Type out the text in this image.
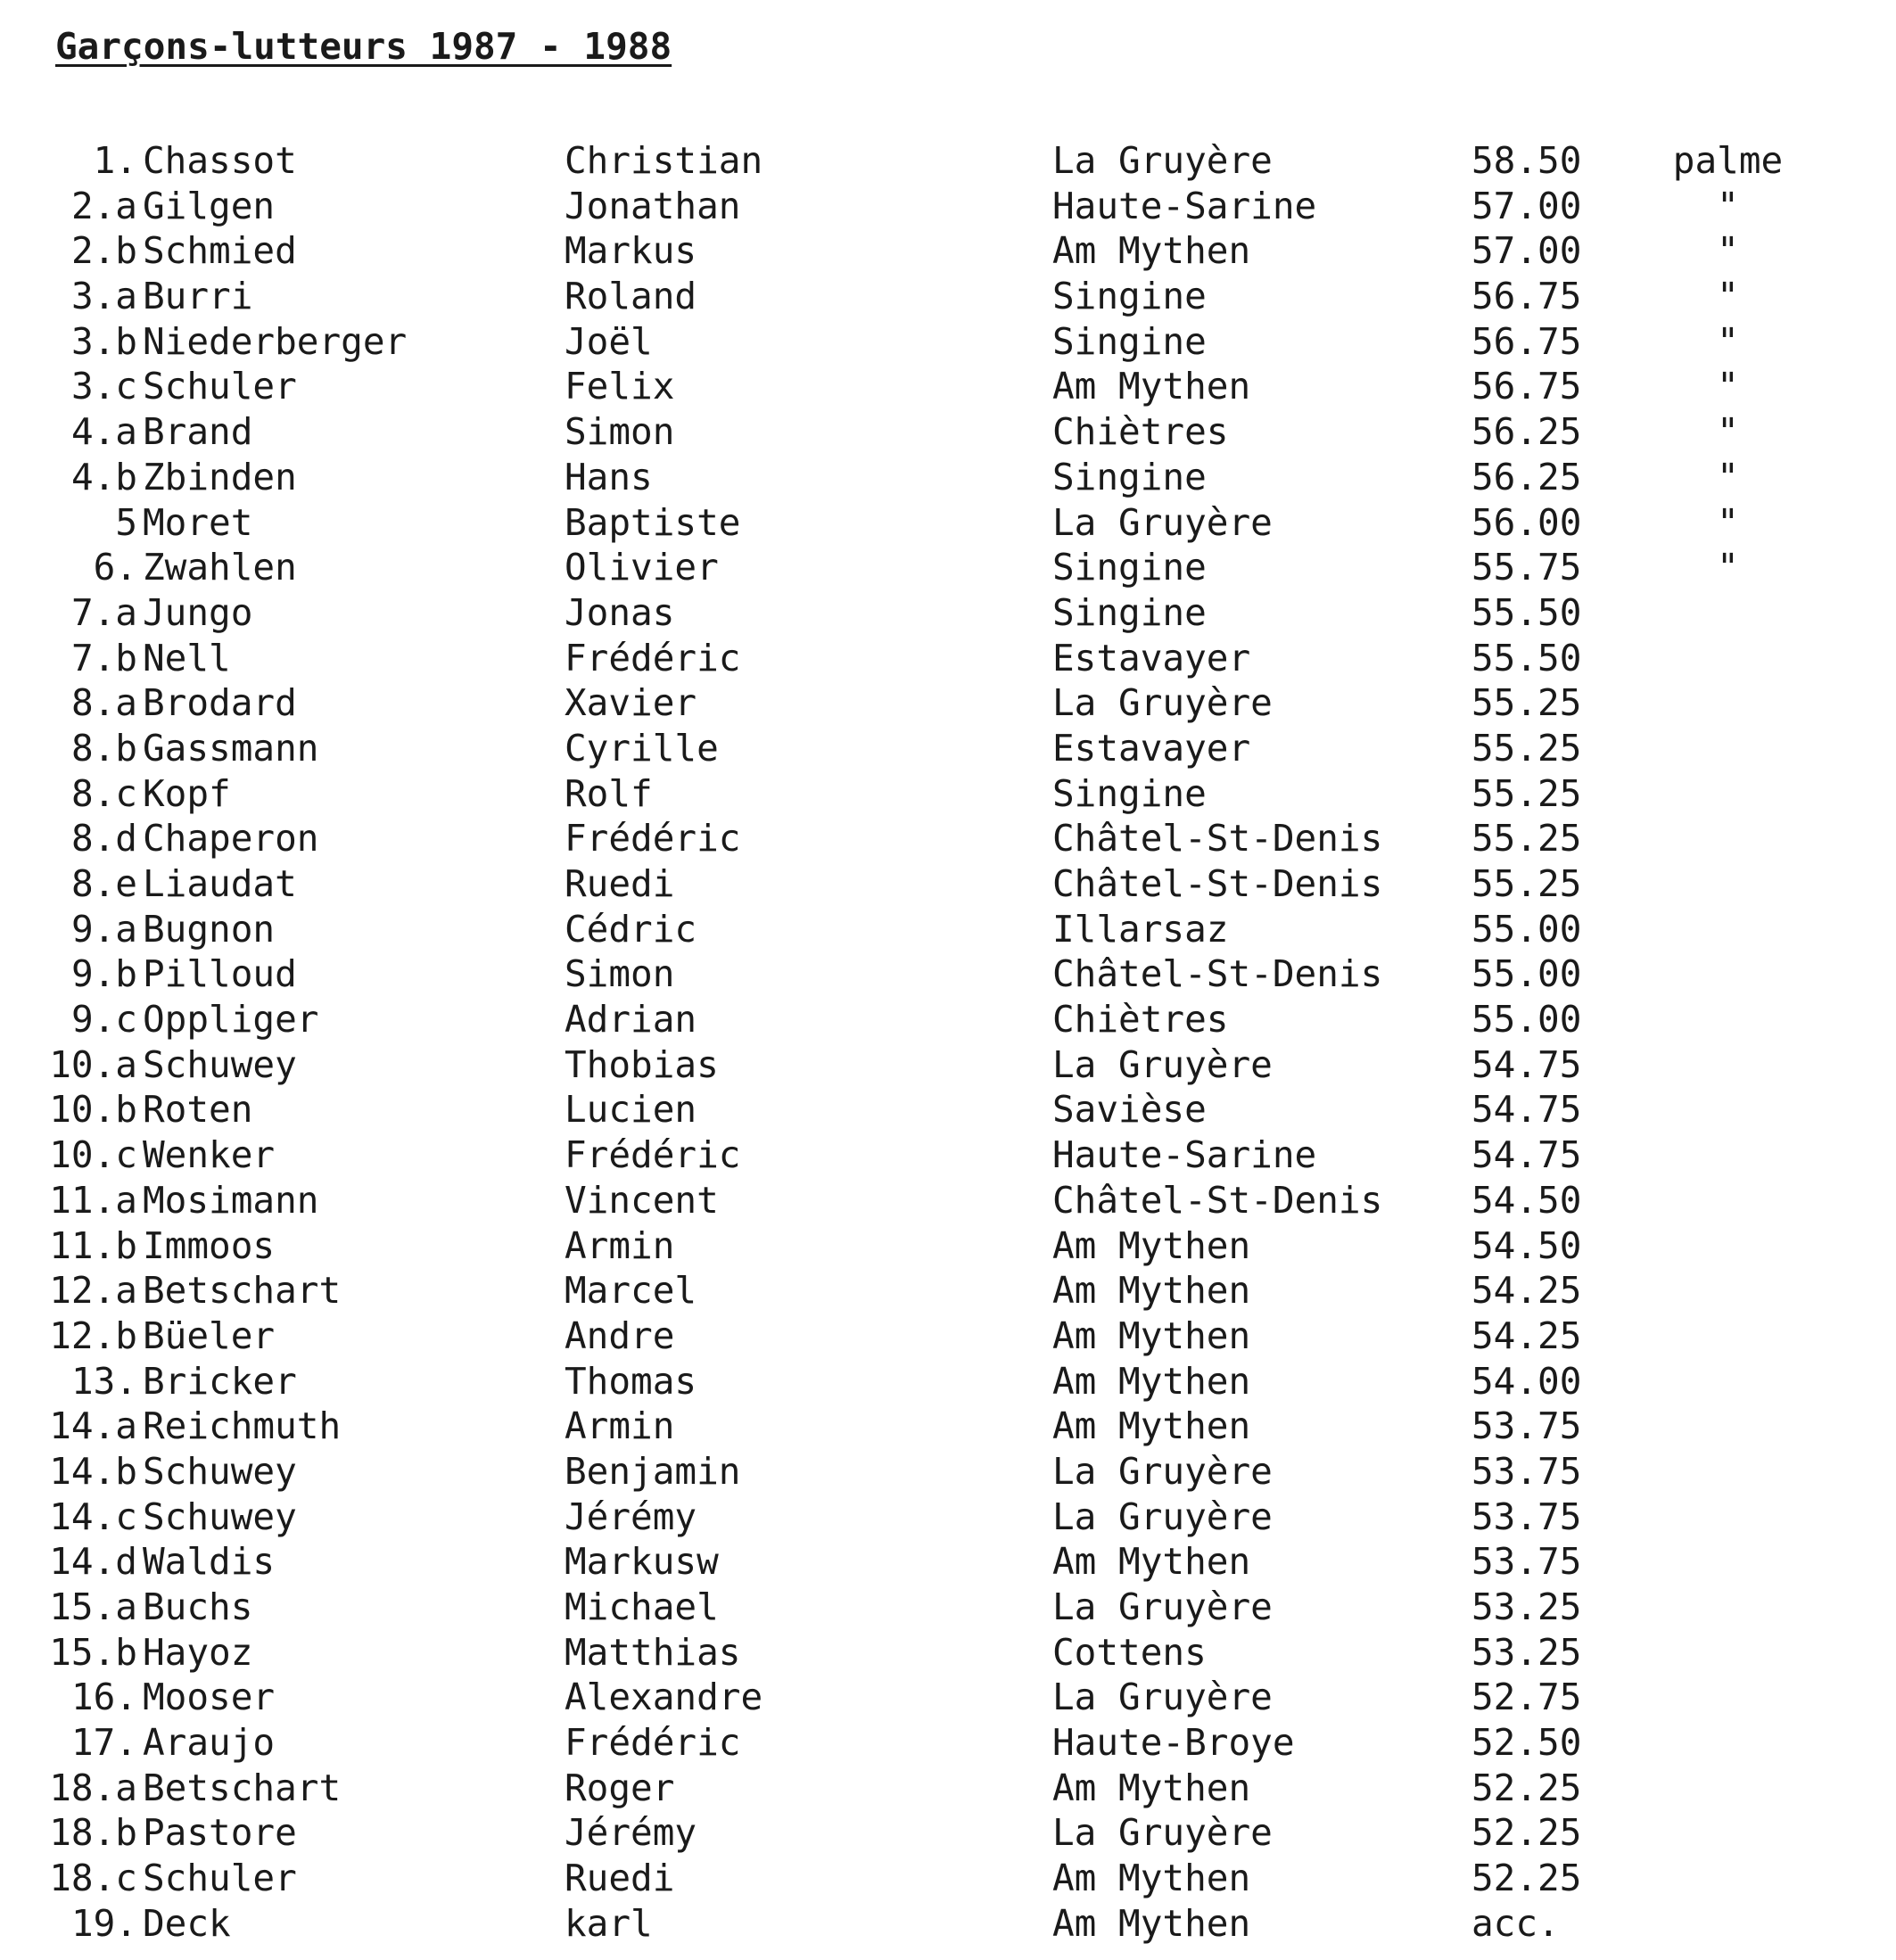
Garçons-lutteurs 1987 - 1988
1. Chassot	Christian	La Gruyère	58.50 palme
2.a Gilgen	Jonathan	Haute-Sarine	57.00	"
2.b Schmied	Markus	Am Mythen	57.00	"
3.a Burri	Roland	Singine	56.75	"
3.b Niederberger	Joël	Singine	56.75	"
3.c Schuler	Felix	Am Mythen	56.75	"
4.a Brand	Simon	Chiètres	56.25	"
4.b Zbinden	Hans	Singine	56.25	"
5 Moret	Baptiste	La Gruyère	56.00	"
6. Zwahlen	Olivier	Singine	55.75	"
7.a Jungo	Jonas	Singine	55.50
7.b Nell	Frédéric	Estavayer	55.50
8.a Brodard	Xavier	La Gruyère	55.25
8.b Gassmann	Cyrille	Estavayer	55.25
8.c Kopf	Rolf	Singine	55.25
8.d Chaperon	Frédéric	Châtel-St-Denis 55.25
8.e Liaudat	Ruedi	Châtel-St-Denis 55.25
9.a Bugnon	Cédric	Illarsaz	55.00
9.b Pilloud	Simon	Châtel-St-Denis 55.00
9.c Oppliger	Adrian	Chiètres	55.00
10.a Schuwey	Thobias	La Gruyère	54.75
10.b Roten	Lucien	Savièse	54.75
10.c Wenker	Frédéric	Haute-Sarine	54.75
11.a Mosimann	Vincent	Châtel-St-Denis 54.50
11.b Immoos	Armin	Am Mythen	54.50
12.a Betschart	Marcel	Am Mythen	54.25
12.b Büeler	Andre	Am Mythen	54.25
13. Bricker	Thomas	Am Mythen	54.00
14.a Reichmuth	Armin	Am Mythen	53.75
14.b Schuwey	Benjamin	La Gruyère	53.75
14.c Schuwey	Jérémy	La Gruyère	53.75
14.d Waldis	Markusw	Am Mythen	53.75
15.a Buchs	Michael	La Gruyère	53.25
15.b Hayoz	Matthias	Cottens	53.25
16. Mooser	Alexandre	La Gruyère	52.75
17. Araujo	Frédéric	Haute-Broye	52.50
18.a Betschart	Roger	Am Mythen	52.25
18.b Pastore	Jérémy	La Gruyère	52.25
18.c Schuler	Ruedi	Am Mythen	52.25
19. Deck	karl	Am Mythen	acc.
